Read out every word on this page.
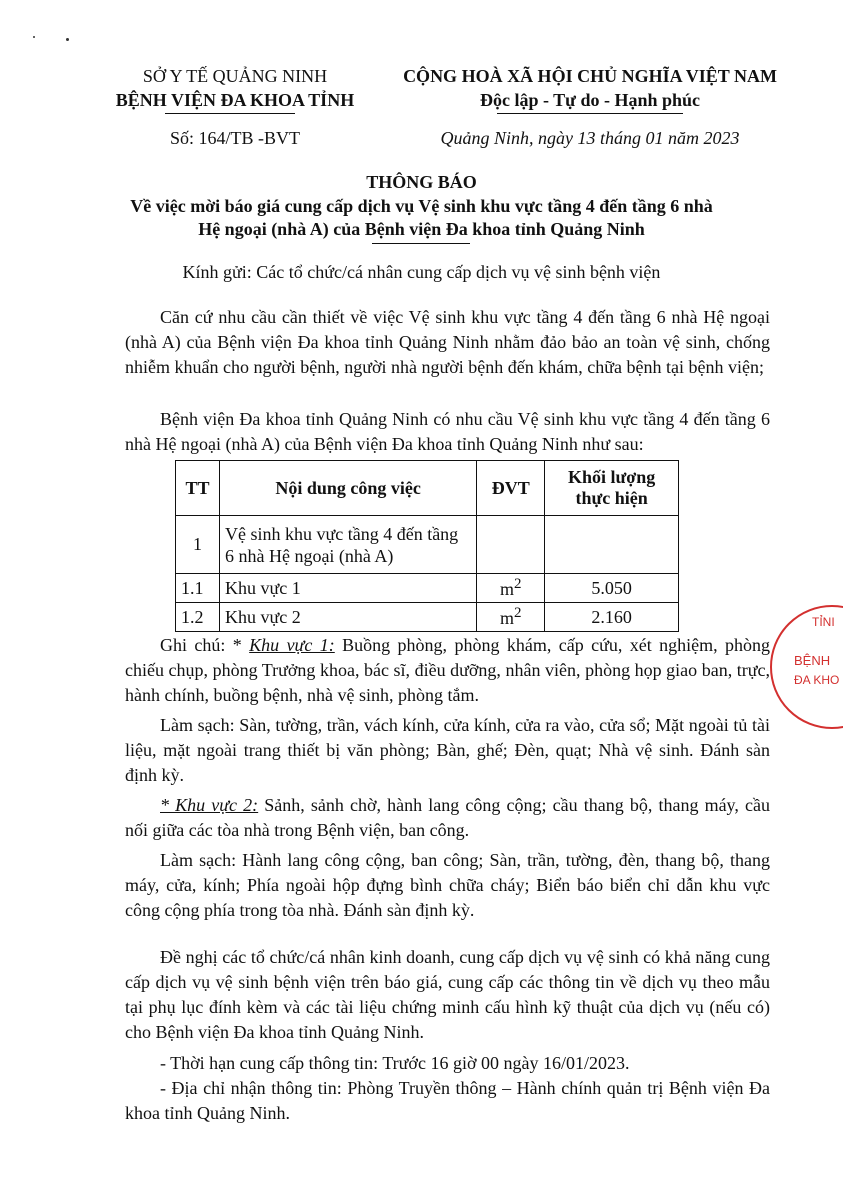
SỞ Y TẾ QUẢNG NINH
BỆNH VIỆN ĐA KHOA TỈNH
Số: 164/TB -BVT
CỘNG HOÀ XÃ HỘI CHỦ NGHĨA VIỆT NAM
Độc lập - Tự do - Hạnh phúc
Quảng Ninh, ngày 13 tháng 01 năm 2023
THÔNG BÁO
Về việc mời báo giá cung cấp dịch vụ Vệ sinh khu vực tầng 4 đến tầng 6 nhà
Hệ ngoại (nhà A) của Bệnh viện Đa khoa tỉnh Quảng Ninh
Kính gửi: Các tổ chức/cá nhân cung cấp dịch vụ vệ sinh bệnh viện

Căn cứ nhu cầu cần thiết về việc Vệ sinh khu vực tầng 4 đến tầng 6 nhà Hệ ngoại (nhà A) của Bệnh viện Đa khoa tỉnh Quảng Ninh nhằm đảo bảo an toàn vệ sinh, chống nhiễm khuẩn cho người bệnh, người nhà người bệnh đến khám, chữa bệnh tại bệnh viện;

Bệnh viện Đa khoa tỉnh Quảng Ninh có nhu cầu Vệ sinh khu vực tầng 4 đến tầng 6 nhà Hệ ngoại (nhà A) của Bệnh viện Đa khoa tỉnh Quảng Ninh như sau:

TT	Nội dung công việc	ĐVT	Khối lượng thực hiện
1	Vệ sinh khu vực tầng 4 đến tầng 6 nhà Hệ ngoại (nhà A)		
1.1	Khu vực 1	$m^2$	5.050
1.2	Khu vực 2	$m^2$	2.160

Ghi chú: * Khu vực 1: Buồng phòng, phòng khám, cấp cứu, xét nghiệm, phòng chiếu chụp, phòng Trưởng khoa, bác sĩ, điều dưỡng, nhân viên, phòng họp giao ban, trực, hành chính, buồng bệnh, nhà vệ sinh, phòng tắm.

Làm sạch: Sàn, tường, trần, vách kính, cửa kính, cửa ra vào, cửa sổ; Mặt ngoài tủ tài liệu, mặt ngoài trang thiết bị văn phòng; Bàn, ghế; Đèn, quạt; Nhà vệ sinh. Đánh sàn định kỳ.

* Khu vực 2: Sảnh, sảnh chờ, hành lang công cộng; cầu thang bộ, thang máy, cầu nối giữa các tòa nhà trong Bệnh viện, ban công.

Làm sạch: Hành lang công cộng, ban công; Sàn, trần, tường, đèn, thang bộ, thang máy, cửa, kính; Phía ngoài hộp đựng bình chữa cháy; Biển báo biển chỉ dẫn khu vực công cộng phía trong tòa nhà. Đánh sàn định kỳ.

Đề nghị các tổ chức/cá nhân kinh doanh, cung cấp dịch vụ vệ sinh có khả năng cung cấp dịch vụ vệ sinh bệnh viện trên báo giá, cung cấp các thông tin về dịch vụ theo mẫu tại phụ lục đính kèm và các tài liệu chứng minh cấu hình kỹ thuật của dịch vụ (nếu có) cho Bệnh viện Đa khoa tỉnh Quảng Ninh.

- Thời hạn cung cấp thông tin: Trước 16 giờ 00 ngày 16/01/2023.

- Địa chỉ nhận thông tin: Phòng Truyền thông – Hành chính quản trị Bệnh viện Đa khoa tỉnh Quảng Ninh.

TỈNI
BỆNH
ĐA KHO
